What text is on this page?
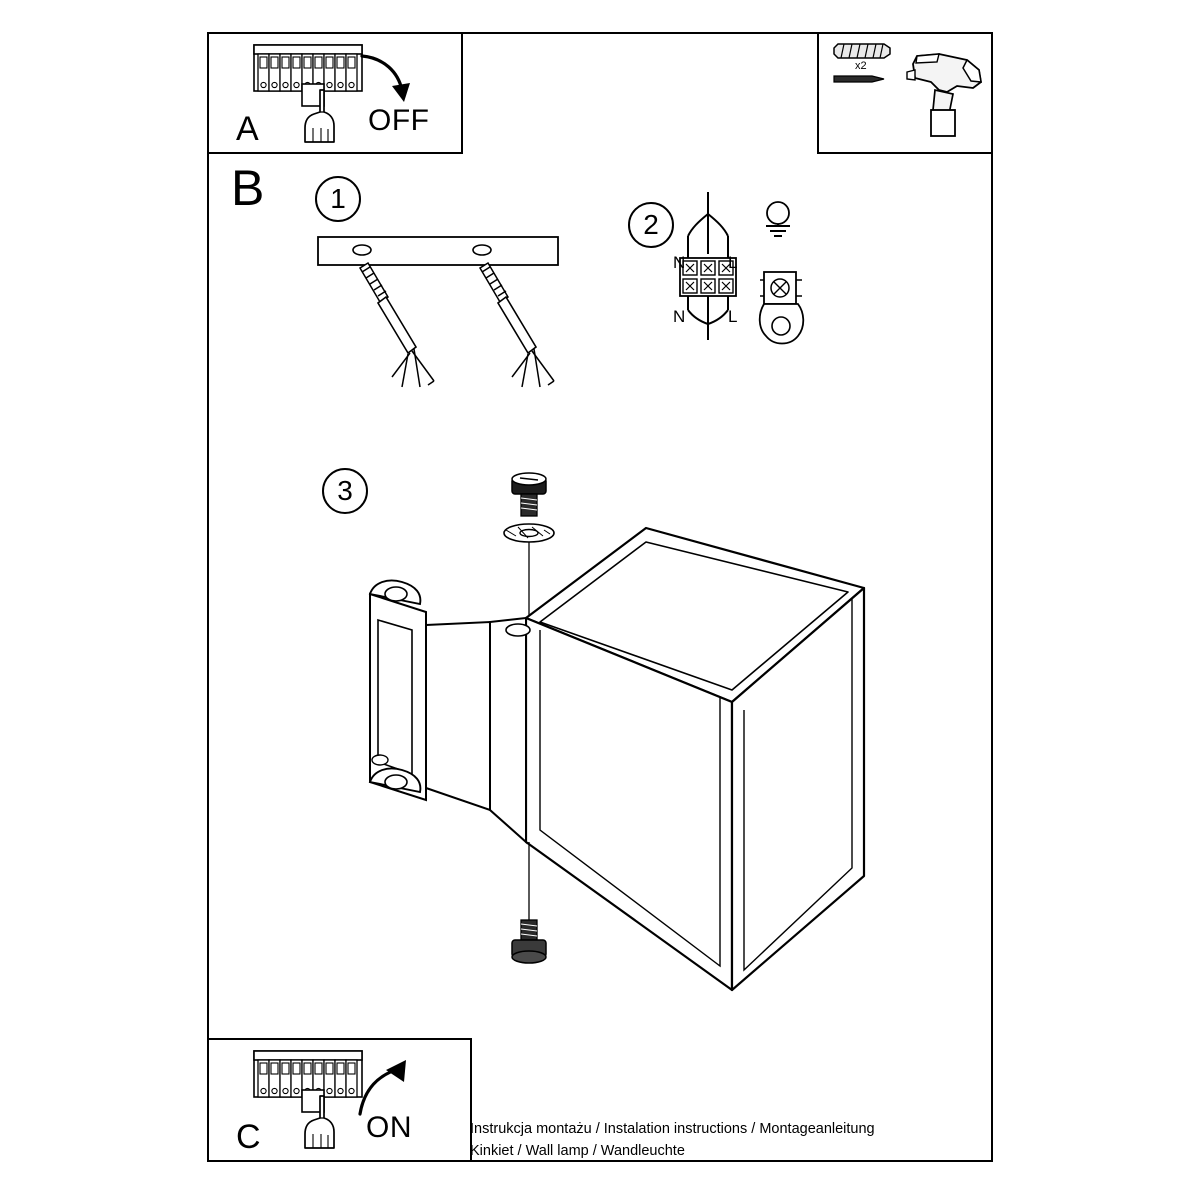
A	OFF
x2
B	1
2
N	L
N	L
3
C	ON	Instrukcja montażu / Instalation instructions / Montageanleitung
Kinkiet / Wall lamp / Wandleuchte
